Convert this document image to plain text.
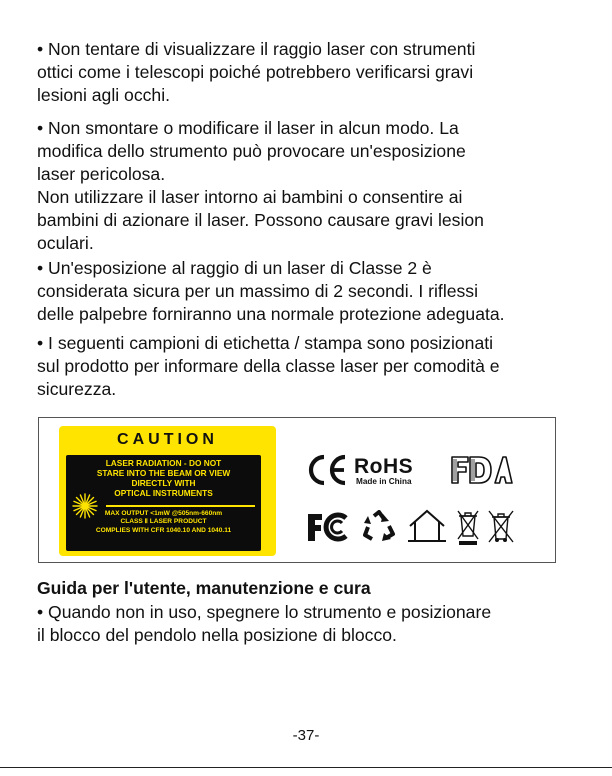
• Non tentare di visualizzare il raggio laser con strumenti

ottici come i telescopi poiché potrebbero verificarsi gravi

lesioni agli occhi.

• Non smontare o modificare il laser in alcun modo. La

modifica dello strumento può provocare un'esposizione

laser pericolosa.

Non utilizzare il laser intorno ai bambini o consentire ai

bambini di azionare il laser. Possono causare gravi lesion

oculari.

• Un'esposizione al raggio di un laser di Classe 2 è

considerata sicura per un massimo di 2 secondi. I riflessi

delle palpebre forniranno una normale protezione adeguata.

• I seguenti campioni di etichetta / stampa sono posizionati

sul prodotto per informare della classe laser per comodità e

sicurezza.

CAUTION
LASER RADIATION - DO NOT
STARE INTO THE BEAM OR VIEW
DIRECTLY WITH
OPTICAL INSTRUMENTS
MAX OUTPUT <1mW @505nm-660nm
CLASS Ⅱ LASER PRODUCT
COMPLIES WITH CFR 1040.10 AND 1040.11
RoHS
Made in China
Guida per l'utente, manutenzione e cura

• Quando non in uso, spegnere lo strumento e posizionare

il blocco del pendolo nella posizione di blocco.

-37-
